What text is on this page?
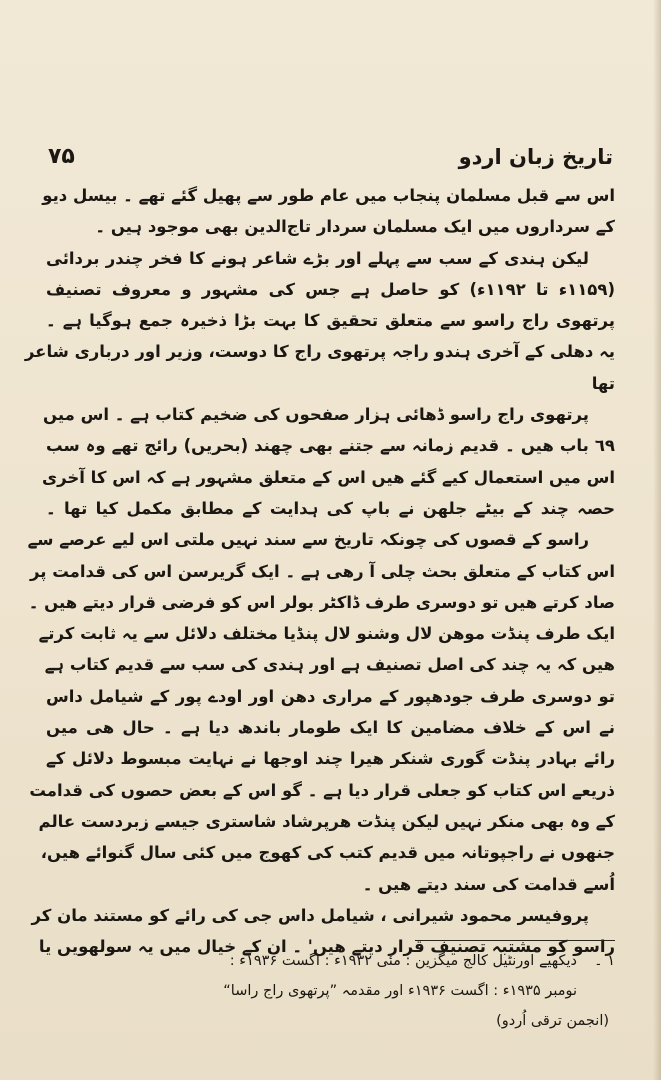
تاریخ زبان اردو
٧۵
اس سے قبل مسلمان پنجاب میں عام طور سے پھیل گئے تھے ۔ بیسل دیو
کے سرداروں میں ایک مسلمان سردار تاج‌الدین بھی موجود ہیں ۔
لیکن ہندی کے سب سے پہلے اور بڑے شاعر ہونے کا فخر چندر بردائی
(۱۱۵۹ء تا ۱۱۹۲ء) کو حاصل ہے جس کی مشہور و معروف تصنیف
پرتھوی راج راسو سے متعلق تحقیق کا بہت بڑا ذخیرہ جمع ہوگیا ہے ۔
یہ دھلی کے آخری ہندو راجہ پرتھوی راج کا دوست، وزیر اور درباری شاعر
تھا
پرتھوی راج راسو ڈھائی ہزار صفحوں کی ضخیم کتاب ہے ۔ اس میں
٦٩ باب ھیں ۔ قدیم زمانہ سے جتنے بھی چھند (بحریں) رائج تھے وہ سب
اس میں استعمال کیے گئے ھیں اس کے متعلق مشہور ہے کہ اس کا آخری
حصہ چند کے بیٹے جلھن نے باپ کی ہدایت کے مطابق مکمل کیا تھا ۔
راسو کے قصوں کی چونکہ تاریخ سے سند نہیں ملتی اس لیے عرصے سے
اس کتاب کے متعلق بحث چلی آ رھی ہے ۔ ایک گریرسن اس کی قدامت پر
صاد کرتے ھیں تو دوسری طرف ڈاکٹر بولر اس کو فرضی قرار دیتے ھیں ۔
ایک طرف پنڈت موھن لال وشنو لال پنڈیا مختلف دلائل سے یہ ثابت کرتے
ھیں کہ یہ چند کی اصل تصنیف ہے اور ہندی کی سب سے قدیم کتاب ہے
تو دوسری طرف جودھپور کے مراری دھن اور اودے پور کے شیامل داس
نے اس کے خلاف مضامین کا ایک طومار باندھ دیا ہے ۔ حال ھی میں
رائے بہادر پنڈت گوری شنکر ھیرا چند اوجھا نے نہایت مبسوط دلائل کے
ذریعے اس کتاب کو جعلی قرار دیا ہے ۔ گو اس کے بعض حصوں کی قدامت
کے وہ بھی منکر نہیں لیکن پنڈت ھرپرشاد شاستری جیسے زبردست عالم
جنھوں نے راجپوتانہ میں قدیم کتب کی کھوج میں کئی سال گنوائے ھیں،
اُسے قدامت کی سند دیتے ھیں ۔
پروفیسر محمود شیرانی ، شیامل داس جی کی رائے کو مستند مان کر
راسو کو مشتبہ تصنیف قرار دیتے ھیں' ۔ ان کے خیال میں یہ سولھویں یا
۱ ۔دیکھیے اورنٹیل کالج میگزین : مئی ۱۹۳۲ء : اگست ۱۹۳۶ء :
نومبر ۱۹۳۵ء : اگست ۱۹۳۶ء اور مقدمہ ”پرتھوی راج راسا“
(انجمن ترقی اُردو)
